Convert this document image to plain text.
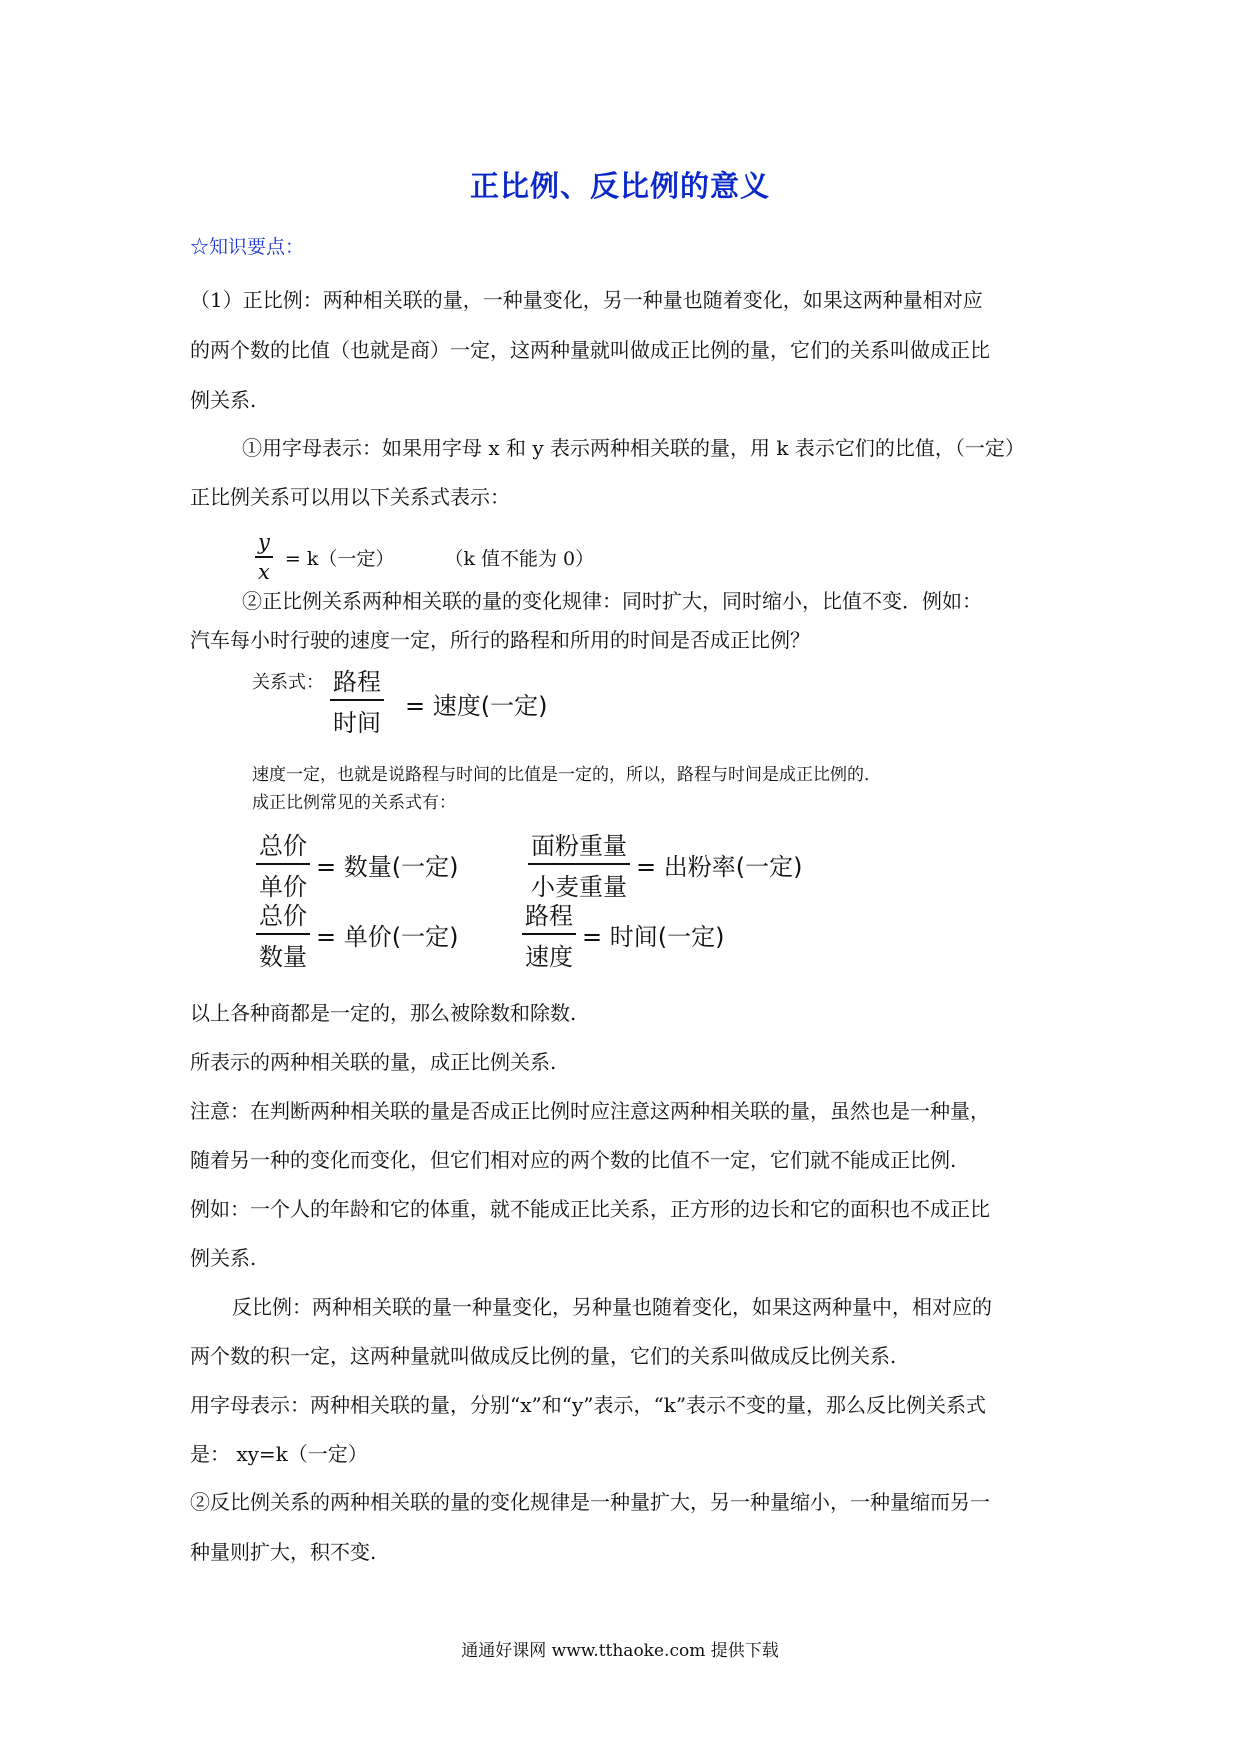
正比例、反比例的意义
☆知识要点：
（1）正比例：两种相关联的量，一种量变化，另一种量也随着变化，如果这两种量相对应
的两个数的比值（也就是商）一定，这两种量就叫做成正比例的量，它们的关系叫做成正比
例关系.
①用字母表示：如果用字母 x 和 y 表示两种相关联的量，用 k 表示它们的比值，（一定）
正比例关系可以用以下关系式表示：
$\frac{y}{x} = k$（一定）	（k 值不能为 0）
②正比例关系两种相关联的量的变化规律：同时扩大，同时缩小，比值不变．例如：
汽车每小时行驶的速度一定，所行的路程和所用的时间是否成正比例？
关系式： $\frac{\text{路程}}{\text{时间}}$ = 速度(一定)
速度一定，也就是说路程与时间的比值是一定的，所以，路程与时间是成正比例的．
成正比例常见的关系式有：
$\frac{\text{总价}}{\text{单价}}$ = 数量(一定)	$\frac{\text{面粉重量}}{\text{小麦重量}}$ = 出粉率(一定)
$\frac{\text{总价}}{\text{数量}}$ = 单价(一定)	$\frac{\text{路程}}{\text{速度}}$ = 时间(一定)
以上各种商都是一定的，那么被除数和除数.
所表示的两种相关联的量，成正比例关系.
注意：在判断两种相关联的量是否成正比例时应注意这两种相关联的量，虽然也是一种量，
随着另一种的变化而变化，但它们相对应的两个数的比值不一定，它们就不能成正比例.
例如：一个人的年龄和它的体重，就不能成正比关系，正方形的边长和它的面积也不成正比
例关系.
反比例：两种相关联的量一种量变化，另种量也随着变化，如果这两种量中，相对应的
两个数的积一定，这两种量就叫做成反比例的量，它们的关系叫做成反比例关系.
用字母表示：两种相关联的量，分别“x”和“y”表示，“k”表示不变的量，那么反比例关系式
是： xy=k（一定）
②反比例关系的两种相关联的量的变化规律是一种量扩大，另一种量缩小，一种量缩而另一
种量则扩大，积不变.
通通好课网 www.tthaoke.com 提供下载
